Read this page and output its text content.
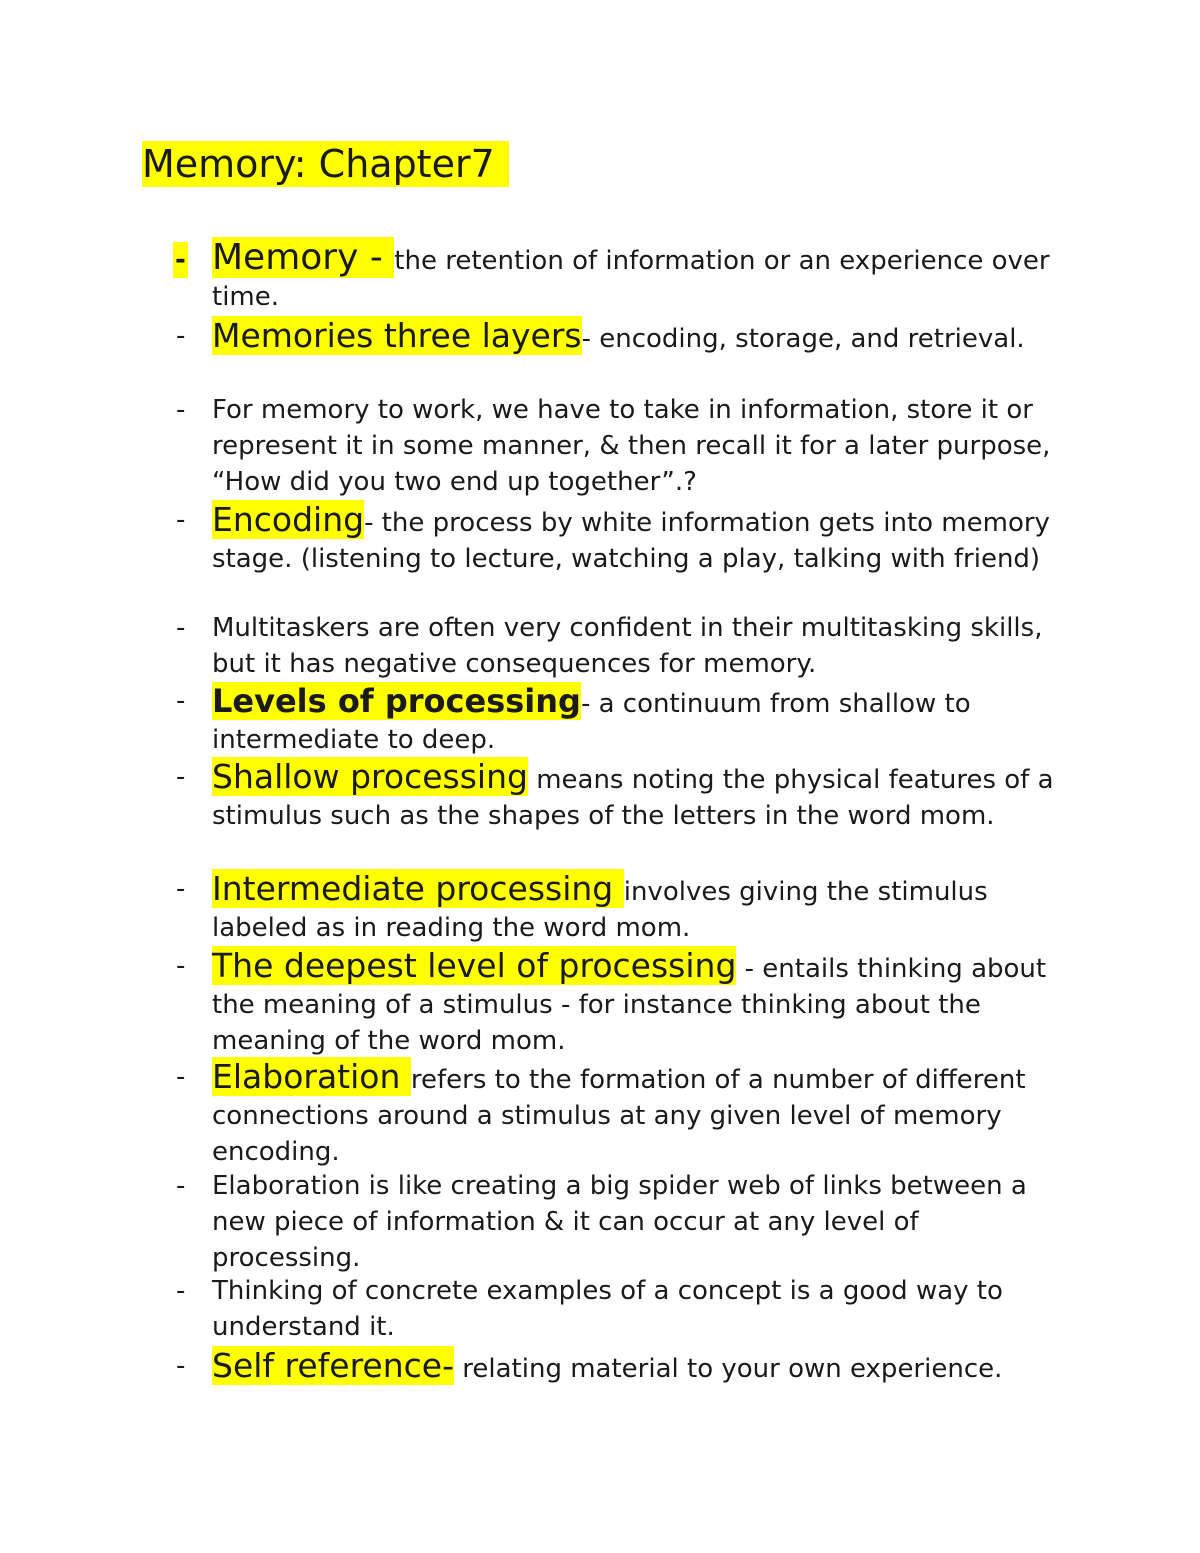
Memory: Chapter7
- Memory - the retention of information or an experience over time.
- Memories three layers- encoding, storage, and retrieval.
- For memory to work, we have to take in information, store it or represent it in some manner, & then recall it for a later purpose, “How did you two end up together”.?
- Encoding- the process by white information gets into memory stage. (listening to lecture, watching a play, talking with friend)
- Multitaskers are often very confident in their multitasking skills, but it has negative consequences for memory.
- Levels of processing- a continuum from shallow to intermediate to deep.
- Shallow processing means noting the physical features of a stimulus such as the shapes of the letters in the word mom.
- Intermediate processing involves giving the stimulus labeled as in reading the word mom.
- The deepest level of processing - entails thinking about the meaning of a stimulus - for instance thinking about the meaning of the word mom.
- Elaboration refers to the formation of a number of different connections around a stimulus at any given level of memory encoding.
- Elaboration is like creating a big spider web of links between a new piece of information & it can occur at any level of processing.
- Thinking of concrete examples of a concept is a good way to understand it.
- Self reference- relating material to your own experience.
